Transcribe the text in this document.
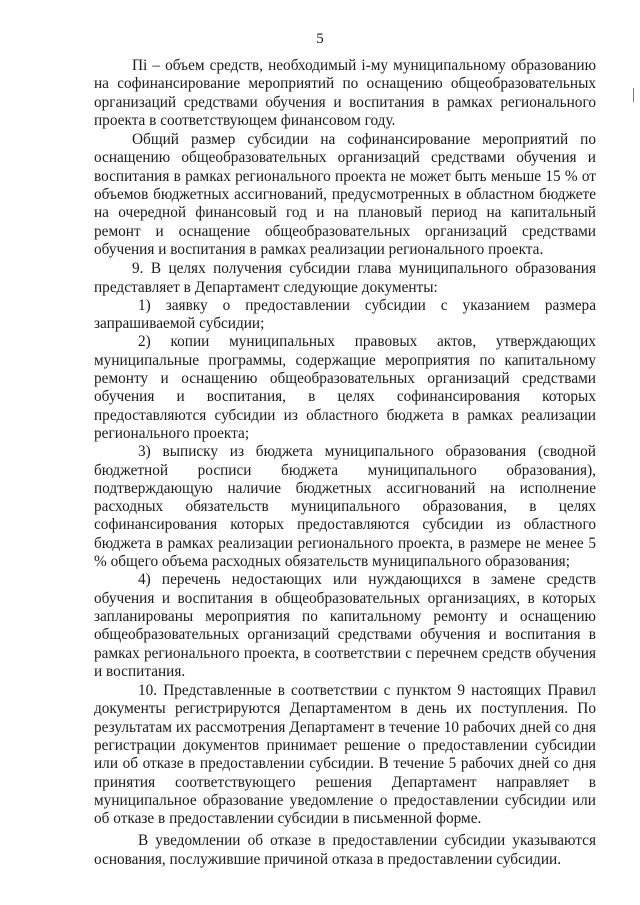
5

Пi – объем средств, необходимый i-му муниципальному образованию на софинансирование мероприятий по оснащению общеобразовательных организаций средствами обучения и воспитания в рамках регионального проекта в соответствующем финансовом году.

Общий размер субсидии на софинансирование мероприятий по оснащению общеобразовательных организаций средствами обучения и воспитания в рамках регионального проекта не может быть меньше 15 % от объемов бюджетных ассигнований, предусмотренных в областном бюджете на очередной финансовый год и на плановый период на капитальный ремонт и оснащение общеобразовательных организаций средствами обучения и воспитания в рамках реализации регионального проекта.

9. В целях получения субсидии глава муниципального образования представляет в Департамент следующие документы:

1) заявку о предоставлении субсидии с указанием размера запрашиваемой субсидии;

2) копии муниципальных правовых актов, утверждающих муниципальные программы, содержащие мероприятия по капитальному ремонту и оснащению общеобразовательных организаций средствами обучения и воспитания, в целях софинансирования которых предоставляются субсидии из областного бюджета в рамках реализации регионального проекта;

3) выписку из бюджета муниципального образования (сводной бюджетной росписи бюджета муниципального образования), подтверждающую наличие бюджетных ассигнований на исполнение расходных обязательств муниципального образования, в целях софинансирования которых предоставляются субсидии из областного бюджета в рамках реализации регионального проекта, в размере не менее 5 % общего объема расходных обязательств муниципального образования;

4) перечень недостающих или нуждающихся в замене средств обучения и воспитания в общеобразовательных организациях, в которых запланированы мероприятия по капитальному ремонту и оснащению общеобразовательных организаций средствами обучения и воспитания в рамках регионального проекта, в соответствии с перечнем средств обучения и воспитания.

10. Представленные в соответствии с пунктом 9 настоящих Правил документы регистрируются Департаментом в день их поступления. По результатам их рассмотрения Департамент в течение 10 рабочих дней со дня регистрации документов принимает решение о предоставлении субсидии или об отказе в предоставлении субсидии. В течение 5 рабочих дней со дня принятия соответствующего решения Департамент направляет в муниципальное образование уведомление о предоставлении субсидии или об отказе в предоставлении субсидии в письменной форме.

В уведомлении об отказе в предоставлении субсидии указываются основания, послужившие причиной отказа в предоставлении субсидии.
